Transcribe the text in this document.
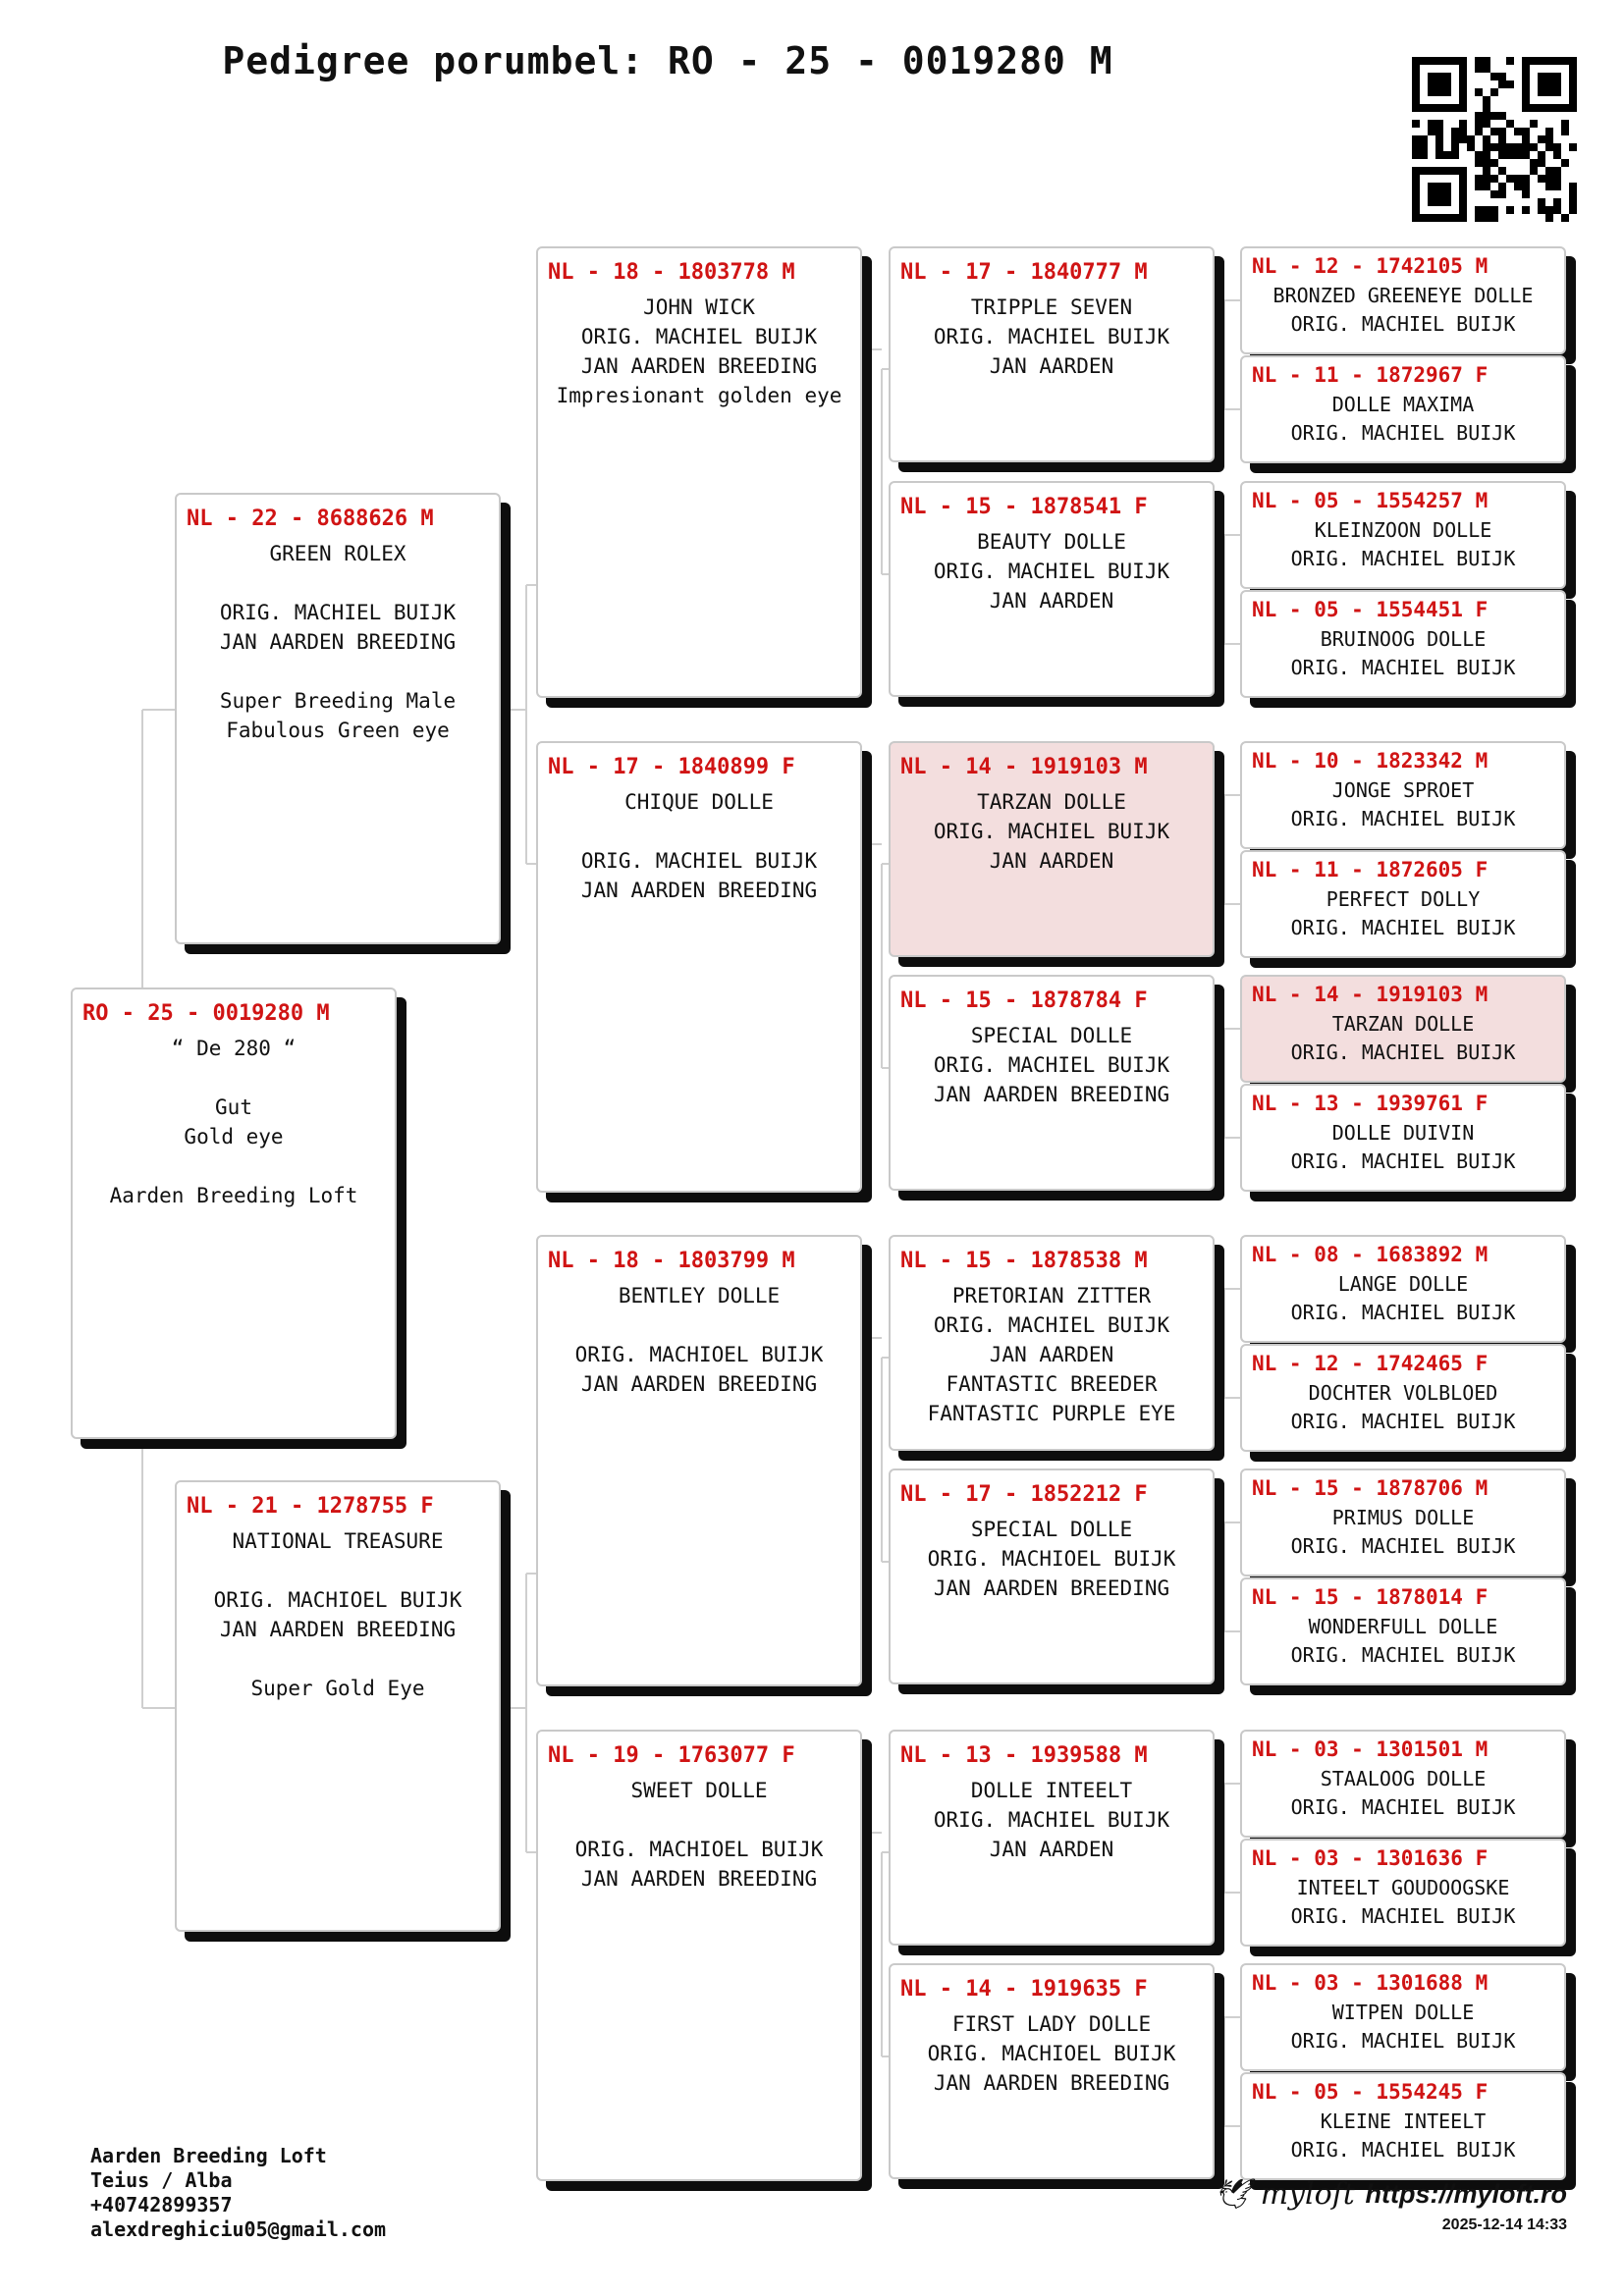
Pedigree porumbel: RO - 25 - 0019280 M
RO - 25 - 0019280 M
“ De 280 “

Gut
Gold eye

Aarden Breeding Loft
NL - 22 - 8688626 M
GREEN ROLEX

ORIG. MACHIEL BUIJK
JAN AARDEN BREEDING

Super Breeding Male
Fabulous Green eye
NL - 21 - 1278755 F
NATIONAL TREASURE

ORIG. MACHIOEL BUIJK
JAN AARDEN BREEDING

Super Gold Eye
NL - 18 - 1803778 M
JOHN WICK
ORIG. MACHIEL BUIJK
JAN AARDEN BREEDING
Impresionant golden eye
NL - 17 - 1840899 F
CHIQUE DOLLE

ORIG. MACHIEL BUIJK
JAN AARDEN BREEDING
NL - 18 - 1803799 M
BENTLEY DOLLE

ORIG. MACHIOEL BUIJK
JAN AARDEN BREEDING
NL - 19 - 1763077 F
SWEET DOLLE

ORIG. MACHIOEL BUIJK
JAN AARDEN BREEDING
NL - 17 - 1840777 M
TRIPPLE SEVEN
ORIG. MACHIEL BUIJK
JAN AARDEN
NL - 15 - 1878541 F
BEAUTY DOLLE
ORIG. MACHIEL BUIJK
JAN AARDEN
NL - 14 - 1919103 M
TARZAN DOLLE
ORIG. MACHIEL BUIJK
JAN AARDEN
NL - 15 - 1878784 F
SPECIAL DOLLE
ORIG. MACHIEL BUIJK
JAN AARDEN BREEDING
NL - 15 - 1878538 M
PRETORIAN ZITTER
ORIG. MACHIEL BUIJK
JAN AARDEN
FANTASTIC BREEDER
FANTASTIC PURPLE EYE
NL - 17 - 1852212 F
SPECIAL DOLLE
ORIG. MACHIOEL BUIJK
JAN AARDEN BREEDING
NL - 13 - 1939588 M
DOLLE INTEELT
ORIG. MACHIEL BUIJK
JAN AARDEN
NL - 14 - 1919635 F
FIRST LADY DOLLE
ORIG. MACHIOEL BUIJK
JAN AARDEN BREEDING
NL - 12 - 1742105 M
BRONZED GREENEYE DOLLE
ORIG. MACHIEL BUIJK
NL - 11 - 1872967 F
DOLLE MAXIMA
ORIG. MACHIEL BUIJK
NL - 05 - 1554257 M
KLEINZOON DOLLE
ORIG. MACHIEL BUIJK
NL - 05 - 1554451 F
BRUINOOG DOLLE
ORIG. MACHIEL BUIJK
NL - 10 - 1823342 M
JONGE SPROET
ORIG. MACHIEL BUIJK
NL - 11 - 1872605 F
PERFECT DOLLY
ORIG. MACHIEL BUIJK
NL - 14 - 1919103 M
TARZAN DOLLE
ORIG. MACHIEL BUIJK
NL - 13 - 1939761 F
DOLLE DUIVIN
ORIG. MACHIEL BUIJK
NL - 08 - 1683892 M
LANGE DOLLE
ORIG. MACHIEL BUIJK
NL - 12 - 1742465 F
DOCHTER VOLBLOED
ORIG. MACHIEL BUIJK
NL - 15 - 1878706 M
PRIMUS DOLLE
ORIG. MACHIEL BUIJK
NL - 15 - 1878014 F
WONDERFULL DOLLE
ORIG. MACHIEL BUIJK
NL - 03 - 1301501 M
STAALOOG DOLLE
ORIG. MACHIEL BUIJK
NL - 03 - 1301636 F
INTEELT GOUDOOGSKE
ORIG. MACHIEL BUIJK
NL - 03 - 1301688 M
WITPEN DOLLE
ORIG. MACHIEL BUIJK
NL - 05 - 1554245 F
KLEINE INTEELT
ORIG. MACHIEL BUIJK
Aarden Breeding Loft
Teius / Alba
+40742899357
alexdreghiciu05@gmail.com
🕊 myloft https://myloft.ro
2025-12-14 14:33
